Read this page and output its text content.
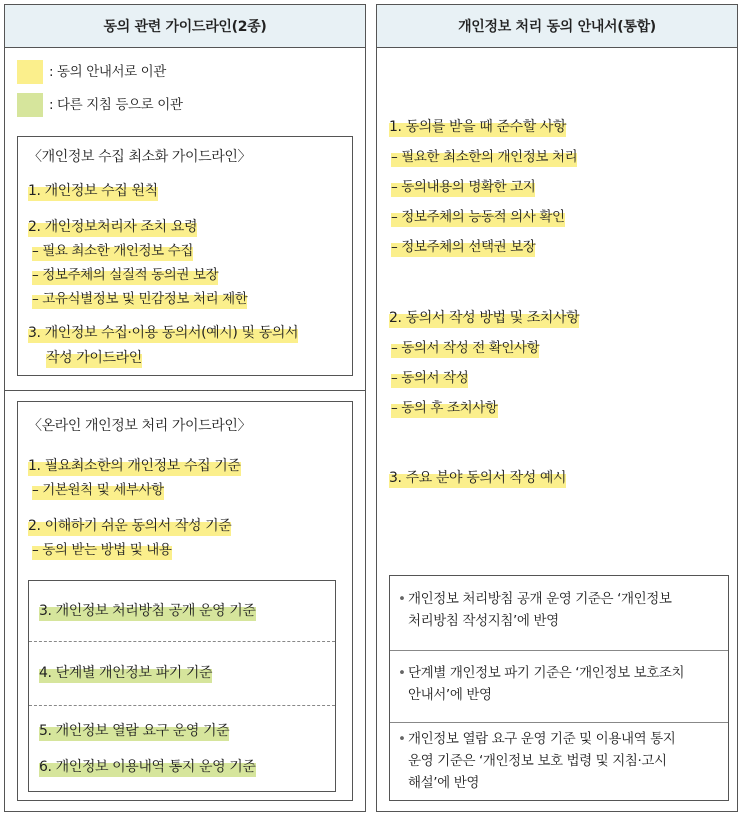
동의 관련 가이드라인(2종)
: 동의 안내서로 이관
: 다른 지침 등으로 이관
〈개인정보 수집 최소화 가이드라인〉
1. 개인정보 수집 원칙
2. 개인정보처리자 조치 요령
– 필요 최소한 개인정보 수집
– 정보주체의 실질적 동의권 보장
– 고유식별정보 및 민감정보 처리 제한
3. 개인정보 수집·이용 동의서(예시) 및 동의서
작성 가이드라인
〈온라인 개인정보 처리 가이드라인〉
1. 필요최소한의 개인정보 수집 기준
– 기본원칙 및 세부사항
2. 이해하기 쉬운 동의서 작성 기준
– 동의 받는 방법 및 내용
3. 개인정보 처리방침 공개 운영 기준
4. 단계별 개인정보 파기 기준
5. 개인정보 열람 요구 운영 기준
6. 개인정보 이용내역 통지 운영 기준
개인정보 처리 동의 안내서(통합)
1. 동의를 받을 때 준수할 사항
– 필요한 최소한의 개인정보 처리
– 동의내용의 명확한 고지
– 정보주체의 능동적 의사 확인
– 정보주체의 선택권 보장
2. 동의서 작성 방법 및 조치사항
– 동의서 작성 전 확인사항
– 동의서 작성
– 동의 후 조치사항
3. 주요 분야 동의서 작성 예시
• 개인정보 처리방침 공개 운영 기준은 ‘개인정보
처리방침 작성지침’에 반영
• 단계별 개인정보 파기 기준은 ‘개인정보 보호조치
안내서’에 반영
• 개인정보 열람 요구 운영 기준 및 이용내역 통지
운영 기준은 ‘개인정보 보호 법령 및 지침·고시
해설’에 반영
